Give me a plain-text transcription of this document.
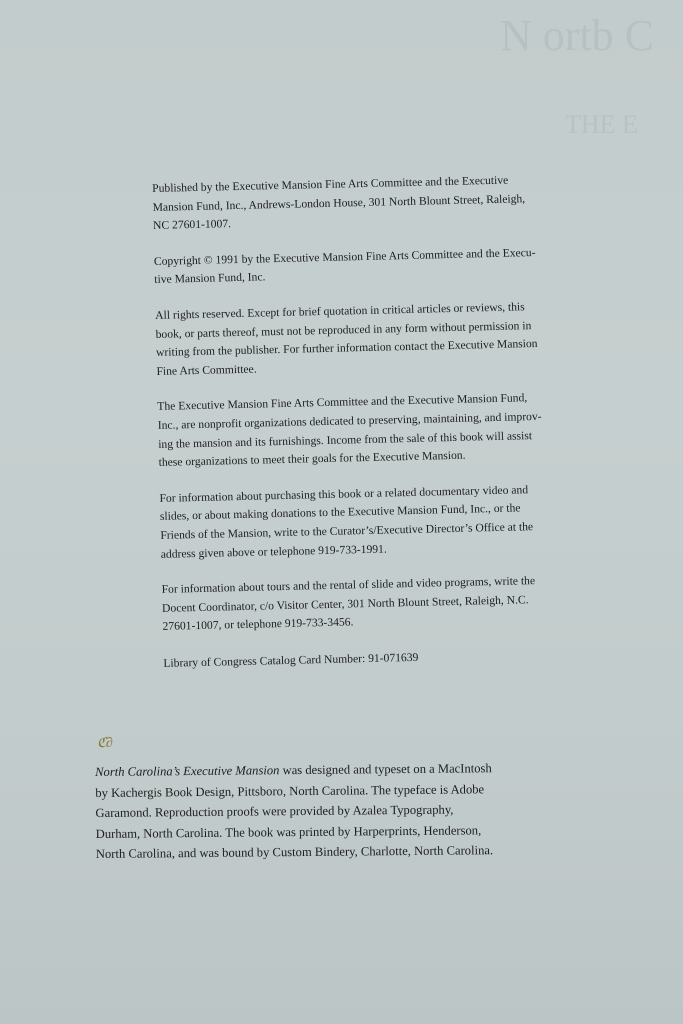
N ortb C
THE E

Published by the Executive Mansion Fine Arts Committee and the Executive
Mansion Fund, Inc., Andrews-London House, 301 North Blount Street, Raleigh,
NC 27601-1007.

Copyright © 1991 by the Executive Mansion Fine Arts Committee and the Execu-
tive Mansion Fund, Inc.

All rights reserved. Except for brief quotation in critical articles or reviews, this
book, or parts thereof, must not be reproduced in any form without permission in
writing from the publisher. For further information contact the Executive Mansion
Fine Arts Committee.

The Executive Mansion Fine Arts Committee and the Executive Mansion Fund,
Inc., are nonprofit organizations dedicated to preserving, maintaining, and improv-
ing the mansion and its furnishings. Income from the sale of this book will assist
these organizations to meet their goals for the Executive Mansion.

For information about purchasing this book or a related documentary video and
slides, or about making donations to the Executive Mansion Fund, Inc., or the
Friends of the Mansion, write to the Curator’s/Executive Director’s Office at the
address given above or telephone 919-733-1991.

For information about tours and the rental of slide and video programs, write the
Docent Coordinator, c/o Visitor Center, 301 North Blount Street, Raleigh, N.C.
27601-1007, or telephone 919-733-3456.

Library of Congress Catalog Card Number: 91-071639

ℭ∂
North Carolina’s Executive Mansion was designed and typeset on a MacIntosh
by Kachergis Book Design, Pittsboro, North Carolina. The typeface is Adobe
Garamond. Reproduction proofs were provided by Azalea Typography,
Durham, North Carolina. The book was printed by Harperprints, Henderson,
North Carolina, and was bound by Custom Bindery, Charlotte, North Carolina.
